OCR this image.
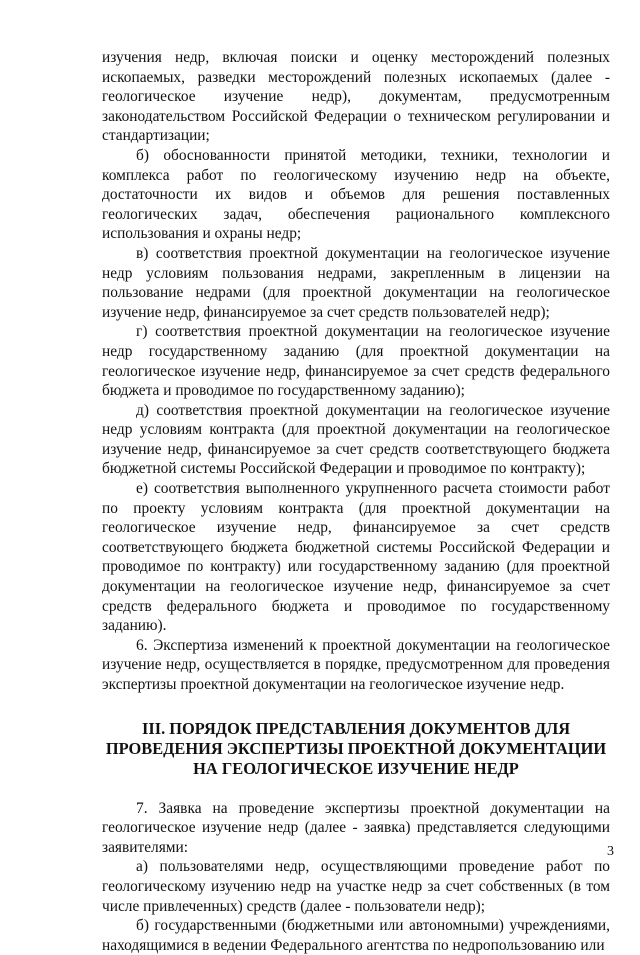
изучения недр, включая поиски и оценку месторождений полезных ископаемых, разведки месторождений полезных ископаемых (далее - геологическое изучение недр), документам, предусмотренным законодательством Российской Федерации о техническом регулировании и стандартизации;

б) обоснованности принятой методики, техники, технологии и комплекса работ по геологическому изучению недр на объекте, достаточности их видов и объемов для решения поставленных геологических задач, обеспечения рационального комплексного использования и охраны недр;

в) соответствия проектной документации на геологическое изучение недр условиям пользования недрами, закрепленным в лицензии на пользование недрами (для проектной документации на геологическое изучение недр, финансируемое за счет средств пользователей недр);

г) соответствия проектной документации на геологическое изучение недр государственному заданию (для проектной документации на геологическое изучение недр, финансируемое за счет средств федерального бюджета и проводимое по государственному заданию);

д) соответствия проектной документации на геологическое изучение недр условиям контракта (для проектной документации на геологическое изучение недр, финансируемое за счет средств соответствующего бюджета бюджетной системы Российской Федерации и проводимое по контракту);

е) соответствия выполненного укрупненного расчета стоимости работ по проекту условиям контракта (для проектной документации на геологическое изучение недр, финансируемое за счет средств соответствующего бюджета бюджетной системы Российской Федерации и проводимое по контракту) или государственному заданию (для проектной документации на геологическое изучение недр, финансируемое за счет средств федерального бюджета и проводимое по государственному заданию).

6. Экспертиза изменений к проектной документации на геологическое изучение недр, осуществляется в порядке, предусмотренном для проведения экспертизы проектной документации на геологическое изучение недр.

III. ПОРЯДОК ПРЕДСТАВЛЕНИЯ ДОКУМЕНТОВ ДЛЯ
ПРОВЕДЕНИЯ ЭКСПЕРТИЗЫ ПРОЕКТНОЙ ДОКУМЕНТАЦИИ
НА ГЕОЛОГИЧЕСКОЕ ИЗУЧЕНИЕ НЕДР

7. Заявка на проведение экспертизы проектной документации на геологическое изучение недр (далее - заявка) представляется следующими заявителями:

а) пользователями недр, осуществляющими проведение работ по геологическому изучению недр на участке недр за счет собственных (в том числе привлеченных) средств (далее - пользователи недр);

б) государственными (бюджетными или автономными) учреждениями, находящимися в ведении Федерального агентства по недропользованию или

3
